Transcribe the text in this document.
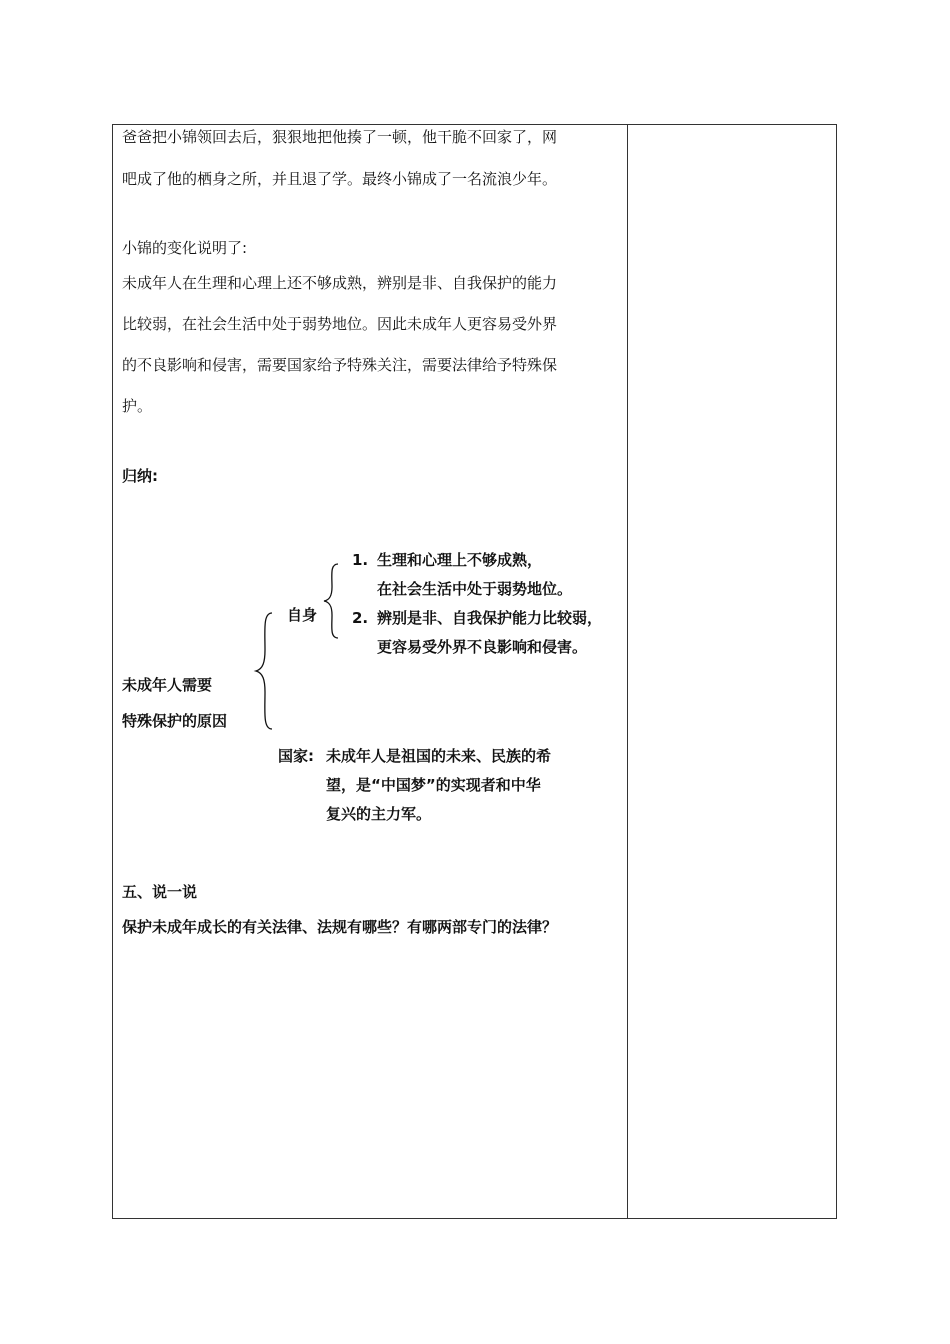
爸爸把小锦领回去后，狠狠地把他揍了一顿，他干脆不回家了，网
吧成了他的栖身之所，并且退了学。最终小锦成了一名流浪少年。
小锦的变化说明了:
未成年人在生理和心理上还不够成熟，辨别是非、自我保护的能力
比较弱，在社会生活中处于弱势地位。因此未成年人更容易受外界
的不良影响和侵害，需要国家给予特殊关注，需要法律给予特殊保
护。
归纳:
1. 生理和心理上不够成熟，
在社会生活中处于弱势地位。
2. 辨别是非、自我保护能力比较弱，
更容易受外界不良影响和侵害。
自身
未成年人需要
特殊保护的原因
国家: 未成年人是祖国的未来、民族的希
望，是“中国梦”的实现者和中华
复兴的主力军。
五、说一说
保护未成年成长的有关法律、法规有哪些？有哪两部专门的法律？
